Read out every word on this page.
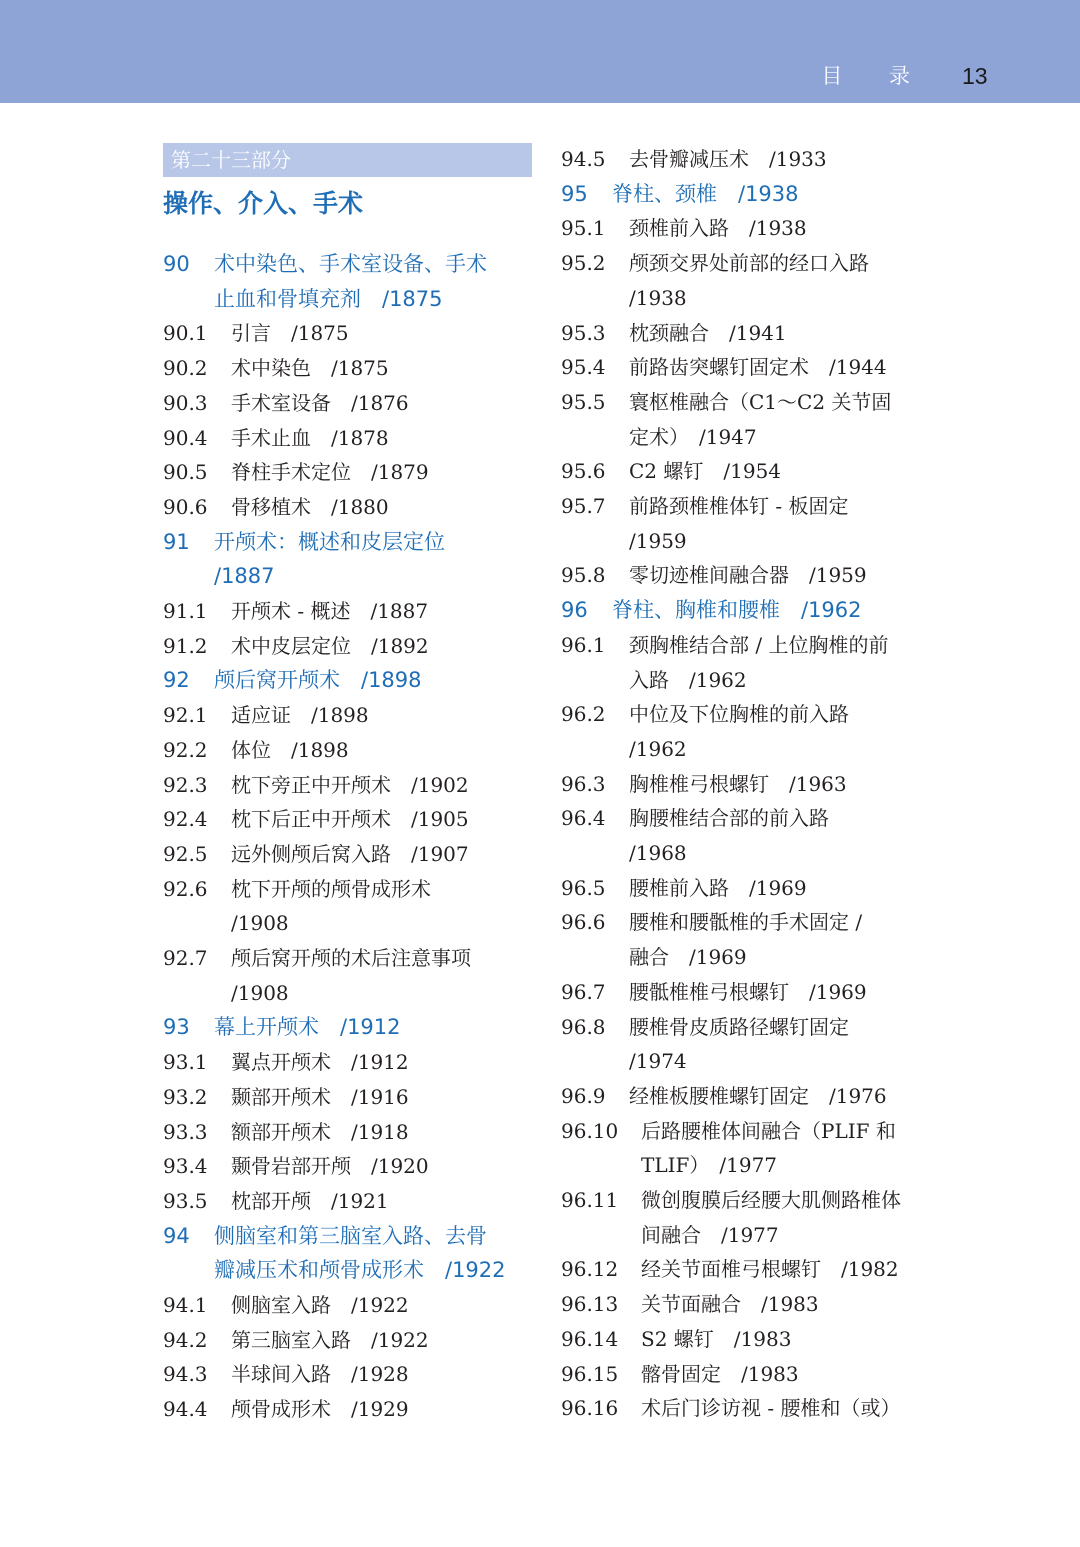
目 录 13
第二十三部分
操作、介入、手术
90 术中染色、手术室设备、手术
止血和骨填充剂　/1875
90.1 引言　/1875
90.2 术中染色　/1875
90.3 手术室设备　/1876
90.4 手术止血　/1878
90.5 脊柱手术定位　/1879
90.6 骨移植术　/1880
91 开颅术：概述和皮层定位
/1887
91.1 开颅术 - 概述　/1887
91.2 术中皮层定位　/1892
92 颅后窝开颅术　/1898
92.1 适应证　/1898
92.2 体位　/1898
92.3 枕下旁正中开颅术　/1902
92.4 枕下后正中开颅术　/1905
92.5 远外侧颅后窝入路　/1907
92.6 枕下开颅的颅骨成形术
/1908
92.7 颅后窝开颅的术后注意事项
/1908
93 幕上开颅术　/1912
93.1 翼点开颅术　/1912
93.2 颞部开颅术　/1916
93.3 额部开颅术　/1918
93.4 颞骨岩部开颅　/1920
93.5 枕部开颅　/1921
94 侧脑室和第三脑室入路、去骨
瓣减压术和颅骨成形术　/1922
94.1 侧脑室入路　/1922
94.2 第三脑室入路　/1922
94.3 半球间入路　/1928
94.4 颅骨成形术　/1929
94.5 去骨瓣减压术　/1933
95 脊柱、颈椎　/1938
95.1 颈椎前入路　/1938
95.2 颅颈交界处前部的经口入路
/1938
95.3 枕颈融合　/1941
95.4 前路齿突螺钉固定术　/1944
95.5 寰枢椎融合（C1～C2 关节固
定术）　/1947
95.6 C2 螺钉　/1954
95.7 前路颈椎椎体钉 - 板固定
/1959
95.8 零切迹椎间融合器　/1959
96 脊柱、胸椎和腰椎　/1962
96.1 颈胸椎结合部 / 上位胸椎的前
入路　/1962
96.2 中位及下位胸椎的前入路
/1962
96.3 胸椎椎弓根螺钉　/1963
96.4 胸腰椎结合部的前入路
/1968
96.5 腰椎前入路　/1969
96.6 腰椎和腰骶椎的手术固定 /
融合　/1969
96.7 腰骶椎椎弓根螺钉　/1969
96.8 腰椎骨皮质路径螺钉固定
/1974
96.9 经椎板腰椎螺钉固定　/1976
96.10 后路腰椎体间融合（PLIF 和
TLIF）　/1977
96.11 微创腹膜后经腰大肌侧路椎体
间融合　/1977
96.12 经关节面椎弓根螺钉　/1982
96.13 关节面融合　/1983
96.14 S2 螺钉　/1983
96.15 髂骨固定　/1983
96.16 术后门诊访视 - 腰椎和（或）
